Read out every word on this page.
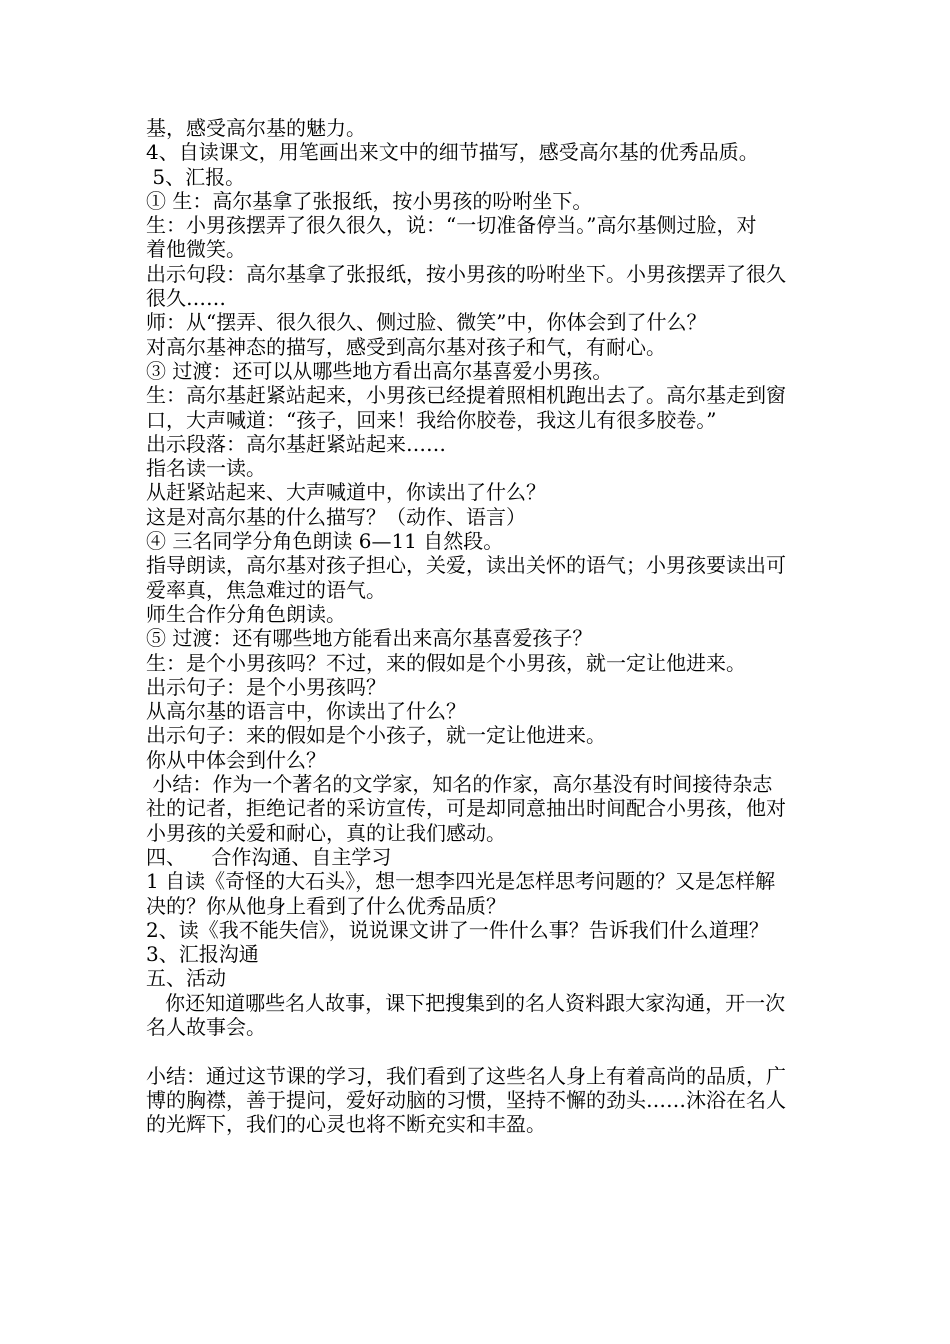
基，感受高尔基的魅力。
4、自读课文，用笔画出来文中的细节描写，感受高尔基的优秀品质。
5、汇报。
① 生：高尔基拿了张报纸，按小男孩的吩咐坐下。
生：小男孩摆弄了很久很久，说：“一切准备停当。”高尔基侧过脸，对
着他微笑。
出示句段：高尔基拿了张报纸，按小男孩的吩咐坐下。小男孩摆弄了很久
很久……
师：从“摆弄、很久很久、侧过脸、微笑”中，你体会到了什么？
对高尔基神态的描写，感受到高尔基对孩子和气，有耐心。
③ 过渡：还可以从哪些地方看出高尔基喜爱小男孩。
生：高尔基赶紧站起来，小男孩已经提着照相机跑出去了。高尔基走到窗
口，大声喊道：“孩子，回来！我给你胶卷，我这儿有很多胶卷。”
出示段落：高尔基赶紧站起来……
指名读一读。
从赶紧站起来、大声喊道中，你读出了什么？
这是对高尔基的什么描写？（动作、语言）
④ 三名同学分角色朗读 6—11 自然段。
指导朗读，高尔基对孩子担心，关爱，读出关怀的语气；小男孩要读出可
爱率真，焦急难过的语气。
师生合作分角色朗读。
⑤ 过渡：还有哪些地方能看出来高尔基喜爱孩子？
生：是个小男孩吗？不过，来的假如是个小男孩，就一定让他进来。
出示句子：是个小男孩吗？
从高尔基的语言中，你读出了什么？
出示句子：来的假如是个小孩子，就一定让他进来。
你从中体会到什么？
小结：作为一个著名的文学家，知名的作家，高尔基没有时间接待杂志
社的记者，拒绝记者的采访宣传，可是却同意抽出时间配合小男孩，他对
小男孩的关爱和耐心，真的让我们感动。
四、    合作沟通、自主学习
1 自读《奇怪的大石头》，想一想李四光是怎样思考问题的？又是怎样解
决的？你从他身上看到了什么优秀品质？
2、读《我不能失信》，说说课文讲了一件什么事？告诉我们什么道理？
3、汇报沟通
五、活动
你还知道哪些名人故事，课下把搜集到的名人资料跟大家沟通，开一次
名人故事会。
小结：通过这节课的学习，我们看到了这些名人身上有着高尚的品质，广
博的胸襟，善于提问，爱好动脑的习惯，坚持不懈的劲头……沐浴在名人
的光辉下，我们的心灵也将不断充实和丰盈。
